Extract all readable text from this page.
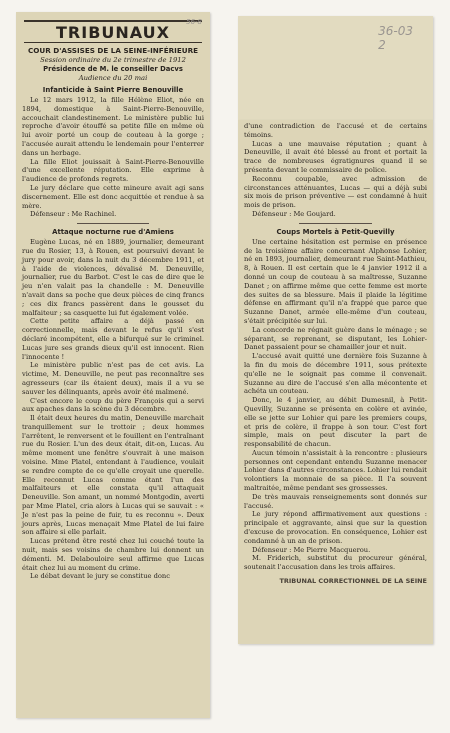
56-8
TRIBUNAUX
COUR D'ASSISES DE LA SEINE-INFÉRIEURE
Session ordinaire du 2e trimestre de 1912
Présidence de M. le conseiller Dacvs
Audience du 20 mai
Infanticide à Saint Pierre Benouville

Le 12 mars 1912, la fille Hélène Eliot, née en 1894, domestique à Saint-Pierre-Benouville, accouchait clandestinement. Le ministère public lui reproche d'avoir étouffé sa petite fille en même où lui avoir porté un coup de couteau à la gorge ; l'accusée aurait attendu le lendemain pour l'enterrer dans un herbage.

La fille Eliot jouissait à Saint-Pierre-Benouville d'une excellente réputation. Elle exprime à l'audience de profonds regrets.

Le jury déclare que cette mineure avait agi sans discernement. Elle est donc acquittée et rendue à sa mère.

Défenseur : Me Rachinel.

Attaque nocturne rue d'Amiens

Eugène Lucas, né en 1889, journalier, demeurant rue du Rosier, 13, à Rouen, est poursuivi devant le jury pour avoir, dans la nuit du 3 décembre 1911, et à l'aide de violences, dévalisé M. Deneuville, journalier, rue du Barbot. C'est le cas de dire que le jeu n'en valait pas la chandelle : M. Deneuville n'avait dans sa poche que deux pièces de cinq francs ; ces dix francs passèrent dans le gousset du malfaiteur ; sa casquette lui fut également volée.

Cette petite affaire a déjà passé en correctionnelle, mais devant le refus qu'il s'est déclaré incompétent, elle a bifurqué sur le criminel. Lucas jure ses grands dieux qu'il est innocent. Rien l'innocente !

Le ministère public n'est pas de cet avis. La victime, M. Deneuville, ne peut pas reconnaître ses agresseurs (car ils étaient deux), mais il a vu se sauver les délinquants, après avoir été malmené.

C'est encore le coup du père François qui a servi aux apaches dans la scène du 3 décembre.

Il était deux heures du matin, Deneuville marchait tranquillement sur le trottoir ; deux hommes l'arrêtent, le renversent et le fouillent en l'entraînant rue du Rosier. L'un des deux était, dit-on, Lucas. Au même moment une fenêtre s'ouvrait à une maison voisine. Mme Platel, entendant à l'audience, voulait se rendre compte de ce qu'elle croyait une querelle. Elle reconnut Lucas comme étant l'un des malfaiteurs et elle constata qu'il attaquait Deneuville. Son amant, un nommé Montgodin, averti par Mme Platel, cria alors à Lucas qui se sauvait : « Je n'est pas la peine de fuir, tu es reconnu ». Deux jours après, Lucas menaçait Mme Platel de lui faire son affaire si elle parlait.

Lucas prétend être resté chez lui couché toute la nuit, mais ses voisins de chambre lui donnent un démenti. M. Delabouloire seul affirme que Lucas était chez lui au moment du crime.

Le débat devant le jury se constitue donc

36-03
2

d'une contradiction de l'accusé et de certains témoins.

Lucas a une mauvaise réputation ; quant à Deneuville, il avait été blessé au front et portait la trace de nombreuses égratignures quand il se présenta devant le commissaire de police.

Reconnu coupable, avec admission de circonstances atténuantes, Lucas — qui a déjà subi six mois de prison préventive — est condamné à huit mois de prison.

Défenseur : Me Goujard.

Coups Mortels à Petit-Quevilly

Une certaine hésitation est permise en présence de la troisième affaire concernant Alphonse Lohier, né en 1893, journalier, demeurant rue Saint-Mathieu, 8, à Rouen. Il est certain que le 4 janvier 1912 il a donné un coup de couteau à sa maîtresse, Suzanne Danet ; on affirme même que cette femme est morte des suites de sa blessure. Mais il plaide la légitime défense en affirmant qu'il n'a frappé que parce que Suzanne Danet, armée elle-même d'un couteau, s'était précipitée sur lui.

La concorde ne régnait guère dans le ménage ; se séparant, se reprenant, se disputant, les Lohier-Danet passaient pour se chamailler jour et nuit.

L'accusé avait quitté une dernière fois Suzanne à la fin du mois de décembre 1911, sous prétexte qu'elle ne le soignait pas comme il convenait. Suzanne au dire de l'accusé s'en alla mécontente et achéta un couteau.

Donc, le 4 janvier, au débit Dumesnil, à Petit-Quevilly, Suzanne se présenta en colère et avinée, elle se jette sur Lohier qui pare les premiers coups, et pris de colère, il frappe à son tour. C'est fort simple, mais on peut discuter la part de responsabilité de chacun.

Aucun témoin n'assistait à la rencontre : plusieurs personnes ont cependant entendu Suzanne menacer Lohier dans d'autres circonstances. Lohier lui rendait volontiers la monnaie de sa pièce. Il l'a souvent maltraitée, même pendant ses grossesses.

De très mauvais renseignements sont donnés sur l'accusé.

Le jury répond affirmativement aux questions : principale et aggravante, ainsi que sur la question d'excuse de provocation. En conséquence, Lohier est condamné à un an de prison.

Défenseur : Me Pierre Macquerou.

M. Friderich, substitut du procureur général, soutenait l'accusation dans les trois affaires.

TRIBUNAL CORRECTIONNEL DE LA SEINE
